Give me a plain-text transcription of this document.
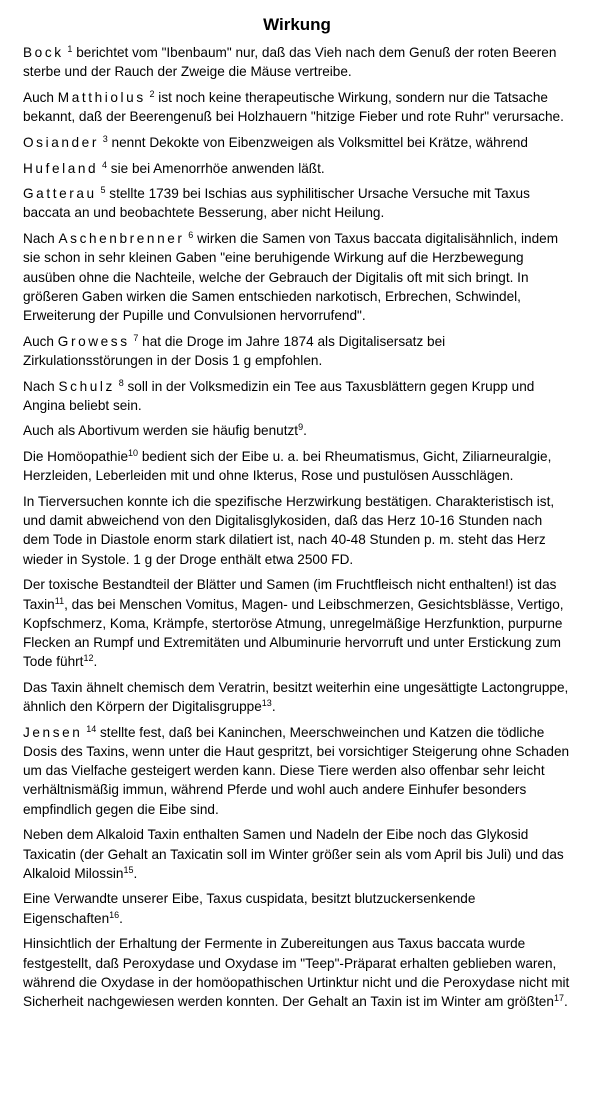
Wirkung

Bock $^1$ berichtet vom "Ibenbaum" nur, daß das Vieh nach dem Genuß der roten Beeren sterbe und der Rauch der Zweige die Mäuse vertreibe.

Auch Matthiolus $^2$ ist noch keine therapeutische Wirkung, sondern nur die Tatsache bekannt, daß der Beerengenuß bei Holzhauern "hitzige Fieber und rote Ruhr" verursache.

Osiander $^3$ nennt Dekokte von Eibenzweigen als Volksmittel bei Krätze, während

Hufeland $^4$ sie bei Amenorrhöe anwenden läßt.

Gatterau $^5$ stellte 1739 bei Ischias aus syphilitischer Ursache Versuche mit Taxus baccata an und beobachtete Besserung, aber nicht Heilung.

Nach Aschenbrenner $^6$ wirken die Samen von Taxus baccata digitalisähnlich, indem sie schon in sehr kleinen Gaben "eine beruhigende Wirkung auf die Herzbewegung ausüben ohne die Nachteile, welche der Gebrauch der Digitalis oft mit sich bringt. In größeren Gaben wirken die Samen entschieden narkotisch, Erbrechen, Schwindel, Erweiterung der Pupille und Convulsionen hervorrufend".

Auch Growess $^7$ hat die Droge im Jahre 1874 als Digitalisersatz bei Zirkulationsstörungen in der Dosis 1 g empfohlen.

Nach Schulz $^8$ soll in der Volksmedizin ein Tee aus Taxusblättern gegen Krupp und Angina beliebt sein.

Auch als Abortivum werden sie häufig benutzt$^9$.

Die Homöopathie$^{10}$ bedient sich der Eibe u. a. bei Rheumatismus, Gicht, Ziliarneuralgie, Herzleiden, Leberleiden mit und ohne Ikterus, Rose und pustulösen Ausschlägen.

In Tierversuchen konnte ich die spezifische Herzwirkung bestätigen. Charakteristisch ist, und damit abweichend von den Digitalisglykosiden, daß das Herz 10-16 Stunden nach dem Tode in Diastole enorm stark dilatiert ist, nach 40-48 Stunden p. m. steht das Herz wieder in Systole. 1 g der Droge enthält etwa 2500 FD.

Der toxische Bestandteil der Blätter und Samen (im Fruchtfleisch nicht enthalten!) ist das Taxin$^{11}$, das bei Menschen Vomitus, Magen- und Leibschmerzen, Gesichtsblässe, Vertigo, Kopfschmerz, Koma, Krämpfe, stertoröse Atmung, unregelmäßige Herzfunktion, purpurne Flecken an Rumpf und Extremitäten und Albuminurie hervorruft und unter Erstickung zum Tode führt$^{12}$.

Das Taxin ähnelt chemisch dem Veratrin, besitzt weiterhin eine ungesättigte Lactongruppe, ähnlich den Körpern der Digitalisgruppe$^{13}$.

Jensen $^{14}$ stellte fest, daß bei Kaninchen, Meerschweinchen und Katzen die tödliche Dosis des Taxins, wenn unter die Haut gespritzt, bei vorsichtiger Steigerung ohne Schaden um das Vielfache gesteigert werden kann. Diese Tiere werden also offenbar sehr leicht verhältnismäßig immun, während Pferde und wohl auch andere Einhufer besonders empfindlich gegen die Eibe sind.

Neben dem Alkaloid Taxin enthalten Samen und Nadeln der Eibe noch das Glykosid Taxicatin (der Gehalt an Taxicatin soll im Winter größer sein als vom April bis Juli) und das Alkaloid Milossin$^{15}$.

Eine Verwandte unserer Eibe, Taxus cuspidata, besitzt blutzuckersenkende Eigenschaften$^{16}$.

Hinsichtlich der Erhaltung der Fermente in Zubereitungen aus Taxus baccata wurde festgestellt, daß Peroxydase und Oxydase im "Teep"-Präparat erhalten geblieben waren, während die Oxydase in der homöopathischen Urtinktur nicht und die Peroxydase nicht mit Sicherheit nachgewiesen werden konnten. Der Gehalt an Taxin ist im Winter am größten$^{17}$.
